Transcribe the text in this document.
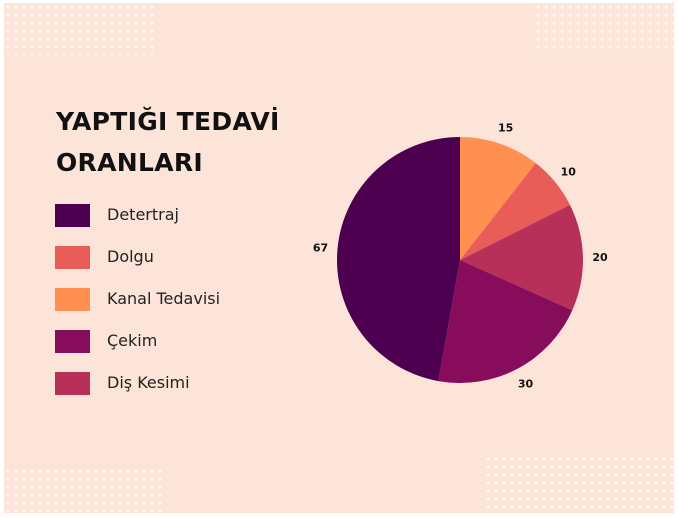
YAPTIĞI TEDAVİ
ORANLARI
Detertraj
Dolgu
Kanal Tedavisi
Çekim
Diş Kesimi
15
10
20
30
67
